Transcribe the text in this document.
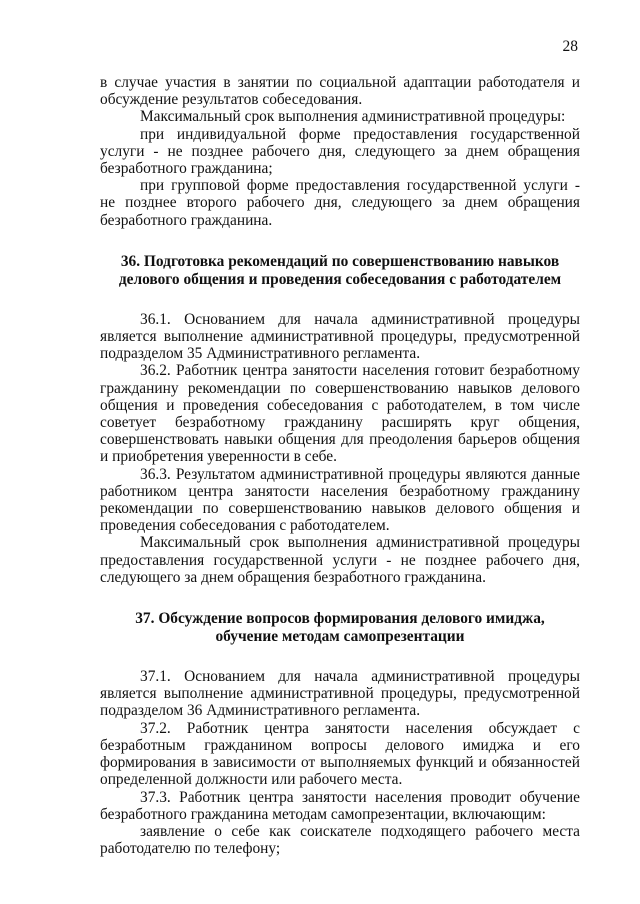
28

в случае участия в занятии по социальной адаптации работодателя и обсуждение результатов собеседования.

Максимальный срок выполнения административной процедуры:

при индивидуальной форме предоставления государственной услуги - не позднее рабочего дня, следующего за днем обращения безработного гражданина;

при групповой форме предоставления государственной услуги - не позднее второго рабочего дня, следующего за днем обращения безработного гражданина.

36. Подготовка рекомендаций по совершенствованию навыков
делового общения и проведения собеседования с работодателем

36.1. Основанием для начала административной процедуры является выполнение административной процедуры, предусмотренной подразделом 35 Административного регламента.

36.2. Работник центра занятости населения готовит безработному гражданину рекомендации по совершенствованию навыков делового общения и проведения собеседования с работодателем, в том числе советует безработному гражданину расширять круг общения, совершенствовать навыки общения для преодоления барьеров общения и приобретения уверенности в себе.

36.3. Результатом административной процедуры являются данные работником центра занятости населения безработному гражданину рекомендации по совершенствованию навыков делового общения и проведения собеседования с работодателем.

Максимальный срок выполнения административной процедуры предоставления государственной услуги - не позднее рабочего дня, следующего за днем обращения безработного гражданина.

37. Обсуждение вопросов формирования делового имиджа,
обучение методам самопрезентации

37.1. Основанием для начала административной процедуры является выполнение административной процедуры, предусмотренной подразделом 36 Административного регламента.

37.2. Работник центра занятости населения обсуждает с безработным гражданином вопросы делового имиджа и его формирования в зависимости от выполняемых функций и обязанностей определенной должности или рабочего места.

37.3. Работник центра занятости населения проводит обучение безработного гражданина методам самопрезентации, включающим:

заявление о себе как соискателе подходящего рабочего места работодателю по телефону;
